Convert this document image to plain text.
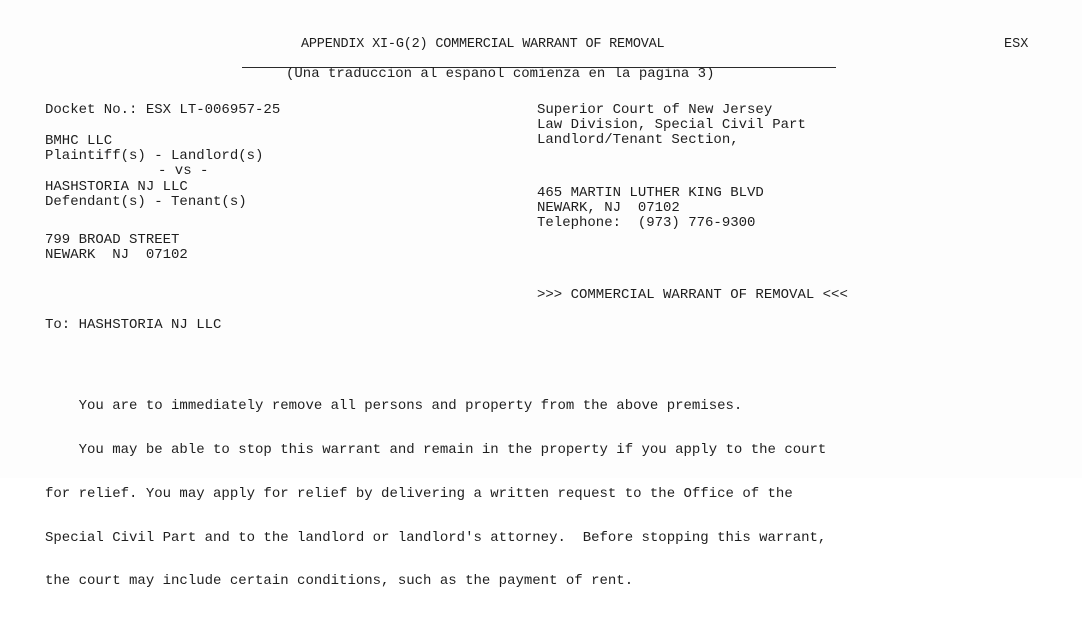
APPENDIX XI-G(2) COMMERCIAL WARRANT OF REMOVAL	ESX
(Una traduccion al espanol comienza en la pagina 3)
Docket No.: ESX LT-006957-25
BMHC LLC
Plaintiff(s) - Landlord(s)
- vs -
HASHSTORIA NJ LLC
Defendant(s) - Tenant(s)
799 BROAD STREET
NEWARK  NJ  07102
Superior Court of New Jersey
Law Division, Special Civil Part
Landlord/Tenant Section,
465 MARTIN LUTHER KING BLVD
NEWARK, NJ  07102
Telephone:  (973) 776-9300
>>> COMMERCIAL WARRANT OF REMOVAL <<<
To: HASHSTORIA NJ LLC

You are to immediately remove all persons and property from the above premises.

You may be able to stop this warrant and remain in the property if you apply to the court

for relief. You may apply for relief by delivering a written request to the Office of the

Special Civil Part and to the landlord or landlord's attorney.  Before stopping this warrant,

the court may include certain conditions, such as the payment of rent.
